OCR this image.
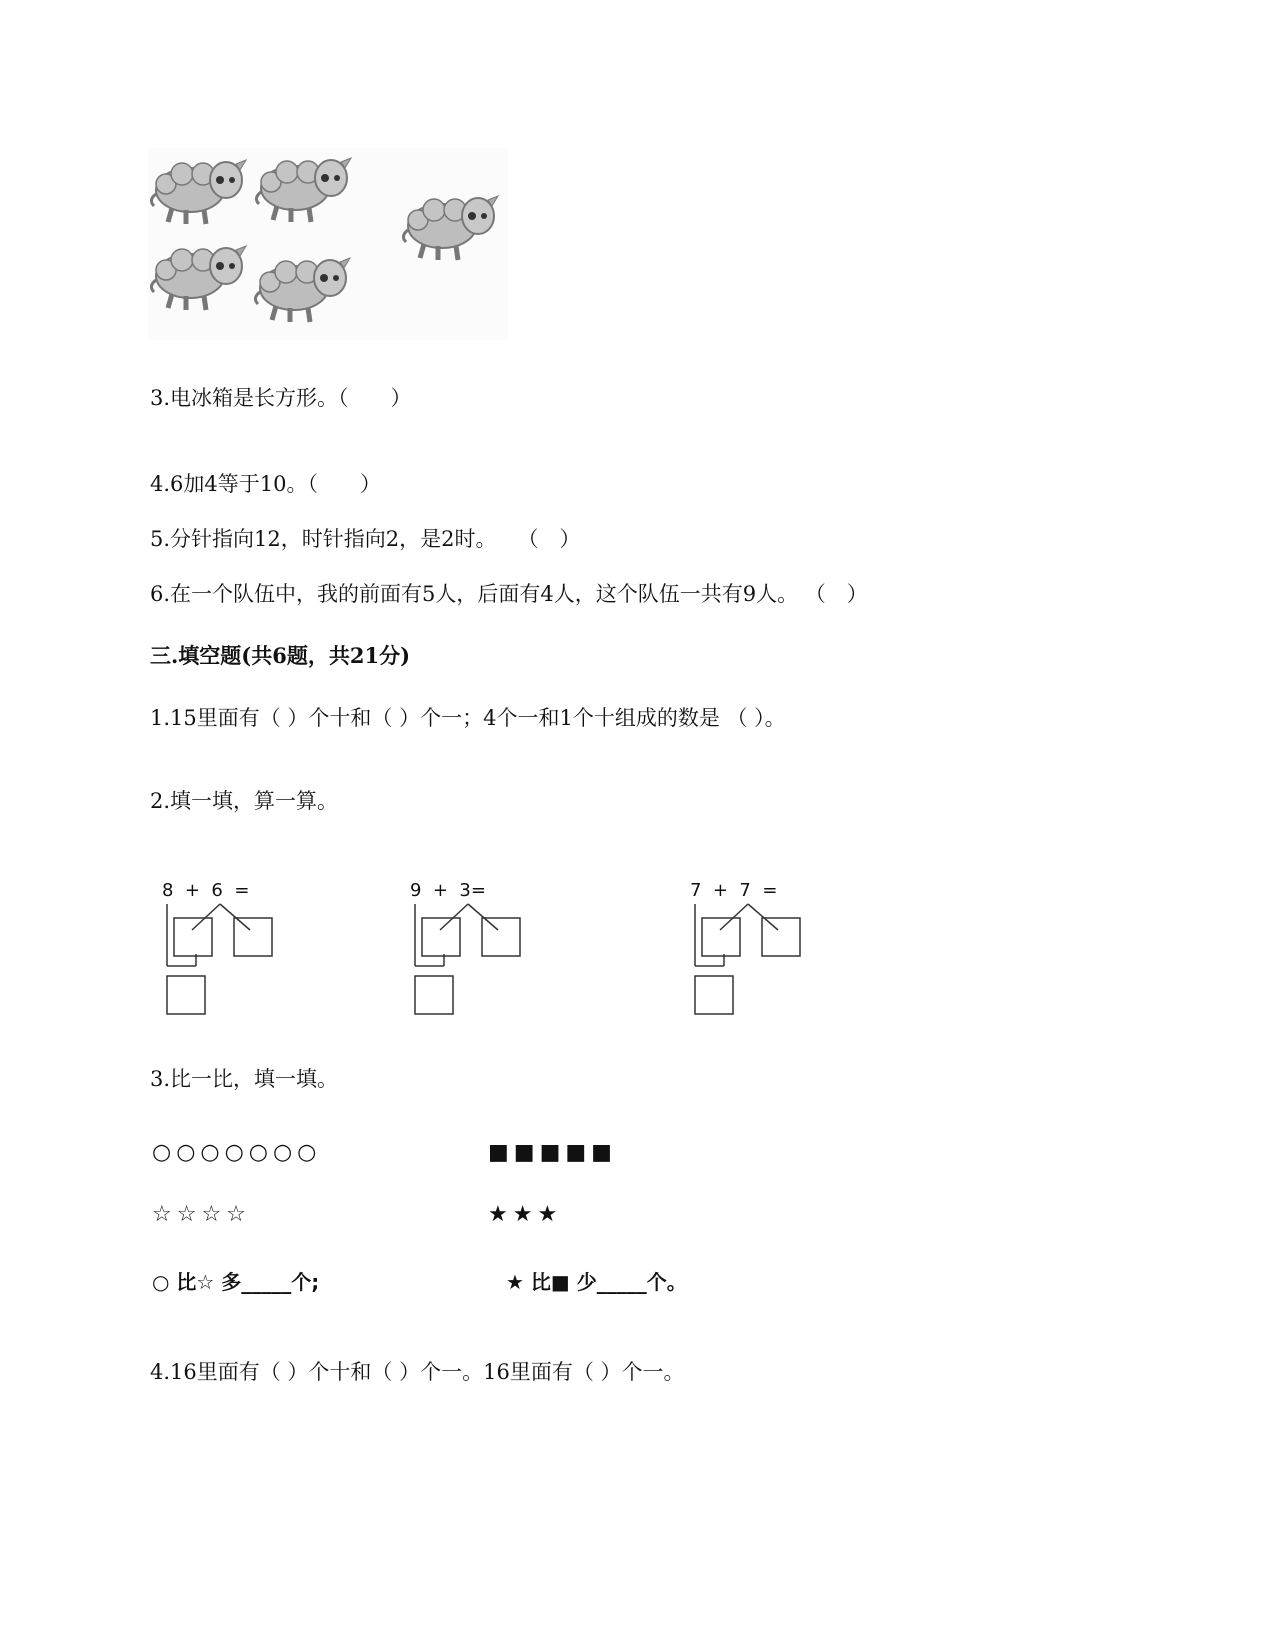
3.电冰箱是长方形。（　　）
4.6加4等于10。（　　）
5.分针指向12，时针指向2，是2时。　　（　）
6.在一个队伍中，我的前面有5人，后面有4人，这个队伍一共有9人。 （　）
三.填空题(共6题，共21分)
1.15里面有（ ）个十和（ ）个一；4个一和1个十组成的数是 （ ）。
2.填一填，算一算。
8  +  6  =	9  +  3=	7  +  7  =
3.比一比，填一填。
○○○○○○○	■■■■■
☆☆☆☆	★★★
○ 比☆ 多_____个;	★ 比■ 少_____个。
4.16里面有（ ）个十和（ ）个一。16里面有（ ）个一。
